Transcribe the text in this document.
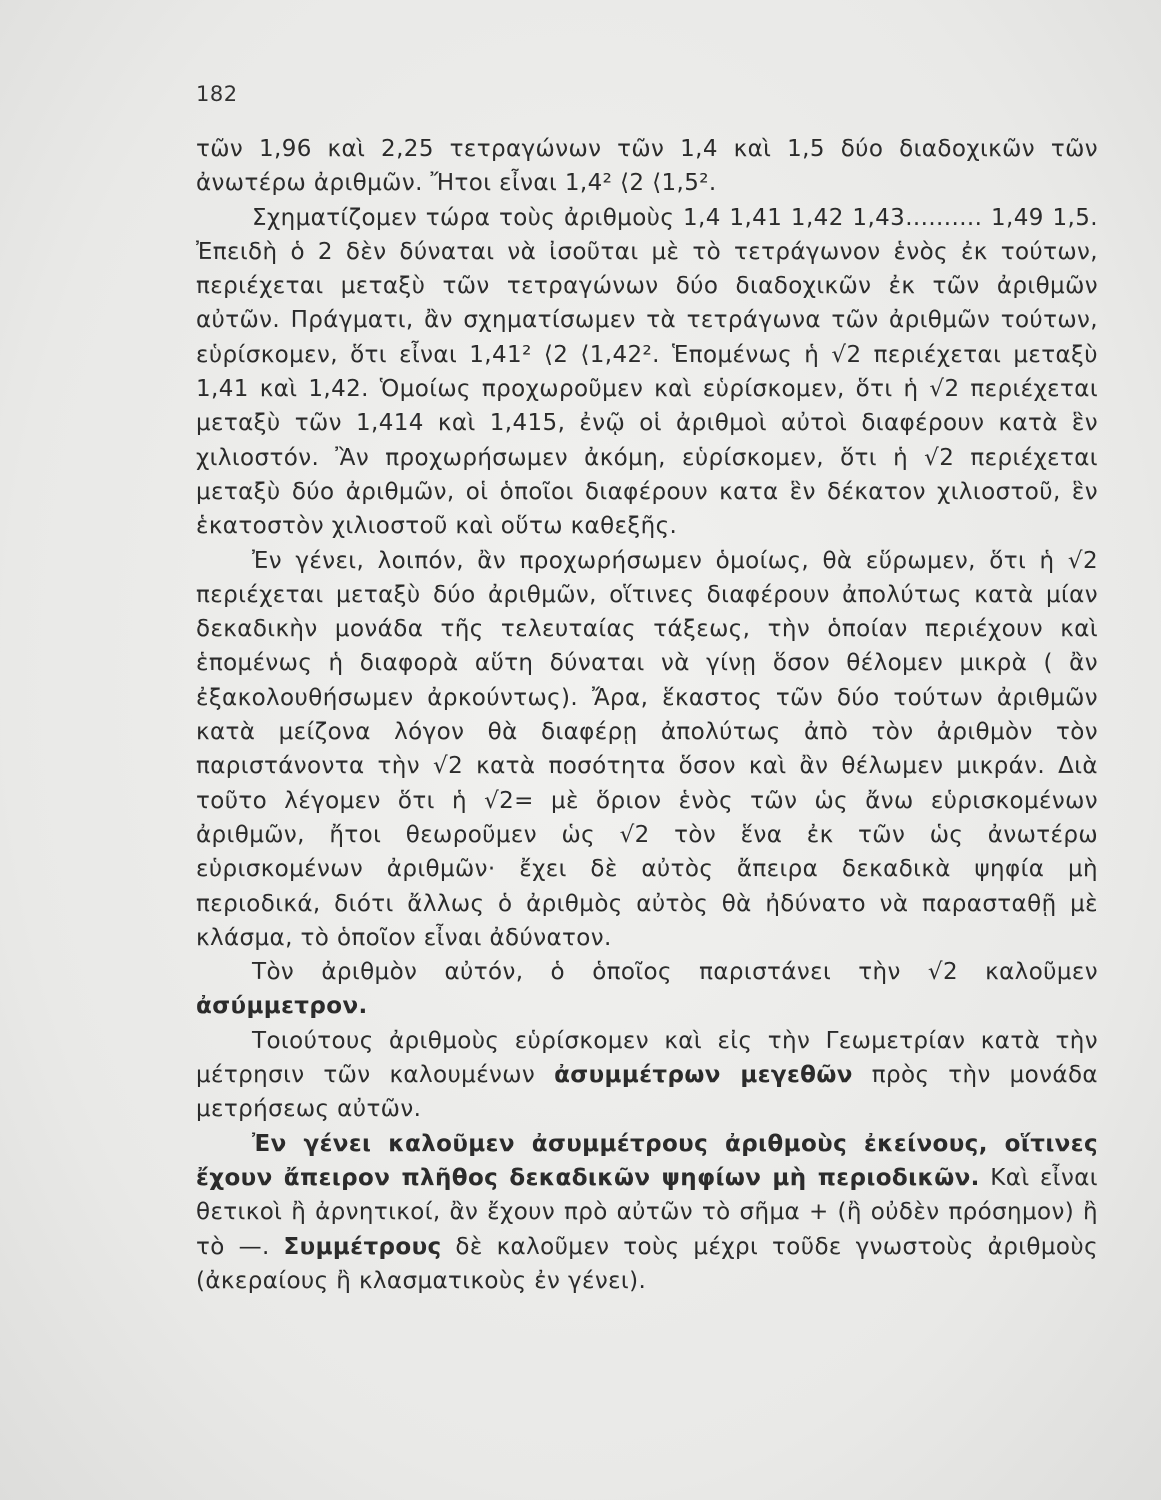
182

τῶν 1,96 καὶ 2,25 τετραγώνων τῶν 1,4 καὶ 1,5 δύο διαδοχικῶν τῶν ἀνωτέρω ἀριθμῶν. Ἤτοι εἶναι 1,4² ⟨2 ⟨1,5².

Σχηματίζομεν τώρα τοὺς ἀριθμοὺς 1,4 1,41 1,42 1,43.......... 1,49 1,5. Ἐπειδὴ ὁ 2 δὲν δύναται νὰ ἰσοῦται μὲ τὸ τετράγωνον ἑνὸς ἐκ τούτων, περιέχεται μεταξὺ τῶν τετραγώνων δύο διαδοχικῶν ἐκ τῶν ἀριθμῶν αὐτῶν. Πράγματι, ἂν σχηματίσωμεν τὰ τετράγωνα τῶν ἀριθμῶν τούτων, εὑρίσκομεν, ὅτι εἶναι 1,41² ⟨2 ⟨1,42². Ἑπομένως ἡ √2 περιέχεται μεταξὺ 1,41 καὶ 1,42. Ὁμοίως προχωροῦμεν καὶ εὑρίσκομεν, ὅτι ἡ √2 περιέχεται μεταξὺ τῶν 1,414 καὶ 1,415, ἐνῷ οἱ ἀριθμοὶ αὐτοὶ διαφέρουν κατὰ ἓν χιλιοστόν. Ἂν προχωρήσωμεν ἀκόμη, εὑρίσκομεν, ὅτι ἡ √2 περιέχεται μεταξὺ δύο ἀριθμῶν, οἱ ὁποῖοι διαφέρουν κατα ἓν δέκατον χιλιοστοῦ, ἓν ἑκατοστὸν χιλιοστοῦ καὶ οὕτω καθεξῆς.

Ἐν γένει, λοιπόν, ἂν προχωρήσωμεν ὁμοίως, θὰ εὕρωμεν, ὅτι ἡ √2 περιέχεται μεταξὺ δύο ἀριθμῶν, οἵτινες διαφέρουν ἀπολύτως κατὰ μίαν δεκαδικὴν μονάδα τῆς τελευταίας τάξεως, τὴν ὁποίαν περιέχουν καὶ ἑπομένως ἡ διαφορὰ αὕτη δύναται νὰ γίνῃ ὅσον θέλομεν μικρὰ ( ἂν ἐξακολουθήσωμεν ἀρκούντως). Ἄρα, ἕκαστος τῶν δύο τούτων ἀριθμῶν κατὰ μείζονα λόγον θὰ διαφέρῃ ἀπολύτως ἀπὸ τὸν ἀριθμὸν τὸν παριστάνοντα τὴν √2 κατὰ ποσότητα ὅσον καὶ ἂν θέλωμεν μικράν. Διὰ τοῦτο λέγομεν ὅτι ἡ √2= μὲ ὅριον ἑνὸς τῶν ὡς ἄνω εὑρισκομένων ἀριθμῶν, ἤτοι θεωροῦμεν ὡς √2 τὸν ἕνα ἐκ τῶν ὡς ἀνωτέρω εὑρισκομένων ἀριθμῶν· ἔχει δὲ αὐτὸς ἄπειρα δεκαδικὰ ψηφία μὴ περιοδικά, διότι ἄλλως ὁ ἀριθμὸς αὐτὸς θὰ ἠδύνατο νὰ παρασταθῇ μὲ κλάσμα, τὸ ὁποῖον εἶναι ἀδύνατον.

Τὸν ἀριθμὸν αὐτόν, ὁ ὁποῖος παριστάνει τὴν √2 καλοῦμεν ἀσύμμετρον.

Τοιούτους ἀριθμοὺς εὑρίσκομεν καὶ εἰς τὴν Γεωμετρίαν κατὰ τὴν μέτρησιν τῶν καλουμένων ἀσυμμέτρων μεγεθῶν πρὸς τὴν μονάδα μετρήσεως αὐτῶν.

Ἐν γένει καλοῦμεν ἀσυμμέτρους ἀριθμοὺς ἐκείνους, οἵτινες ἔχουν ἄπειρον πλῆθος δεκαδικῶν ψηφίων μὴ περιοδικῶν. Καὶ εἶναι θετικοὶ ἢ ἀρνητικοί, ἂν ἔχουν πρὸ αὐτῶν τὸ σῆμα + (ἢ οὐδὲν πρόσημον) ἢ τὸ —. Συμμέτρους δὲ καλοῦμεν τοὺς μέχρι τοῦδε γνωστοὺς ἀριθμοὺς (ἀκεραίους ἢ κλασματικοὺς ἐν γένει).
